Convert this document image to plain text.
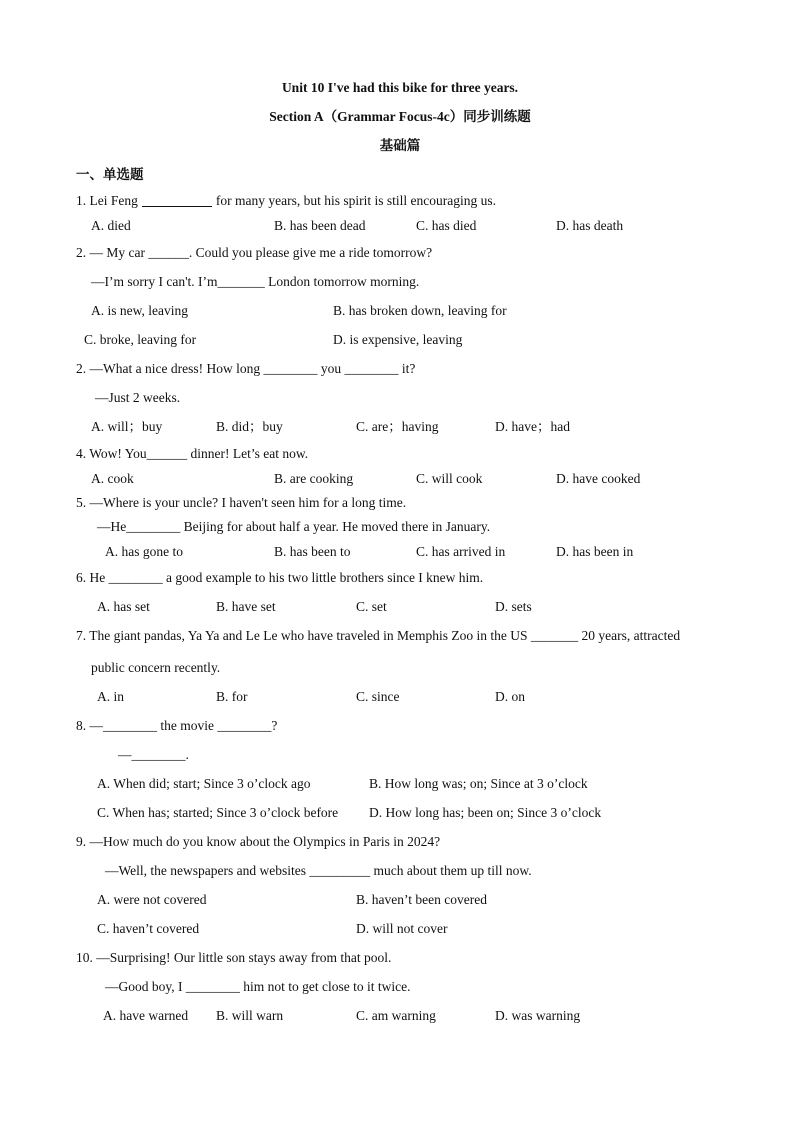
Unit 10 I've had this bike for three years.
Section A（Grammar Focus-4c）同步训练题
基础篇
一、单选题
1. Lei Feng	for many years, but his spirit is still encouraging us.
A. died	B. has been dead	C. has died	D. has death
2. — My car ______. Could you please give me a ride tomorrow?
—I’m sorry I can't. I’m_______ London tomorrow morning.
A. is new, leaving	B. has broken down, leaving for
C. broke, leaving for	D. is expensive, leaving
2. —What a nice dress! How long ________ you ________ it?
—Just 2 weeks.
A. will；buy	B. did；buy	C. are；having	D. have；had
4. Wow! You______ dinner! Let’s eat now.
A. cook	B. are cooking	C. will cook	D. have cooked
5. —Where is your uncle? I haven't seen him for a long time.
—He________ Beijing for about half a year. He moved there in January.
A. has gone to	B. has been to	C. has arrived in	D. has been in
6. He ________ a good example to his two little brothers since I knew him.
A. has set	B. have set	C. set	D. sets
7. The giant pandas, Ya Ya and Le Le who have traveled in Memphis Zoo in the US _______ 20 years, attracted
public concern recently.
A. in	B. for	C. since	D. on
8. —________ the movie ________?
—________.
A. When did; start; Since 3 o’clock ago	B. How long was; on; Since at 3 o’clock
C. When has; started; Since 3 o’clock before D. How long has; been on; Since 3 o’clock
9. —How much do you know about the Olympics in Paris in 2024?
—Well, the newspapers and websites _________ much about them up till now.
A. were not covered	B. haven’t been covered
C. haven’t covered	D. will not cover
10. —Surprising! Our little son stays away from that pool.
—Good boy, I ________ him not to get close to it twice.
A. have warned B. will warn	C. am warning	D. was warning
